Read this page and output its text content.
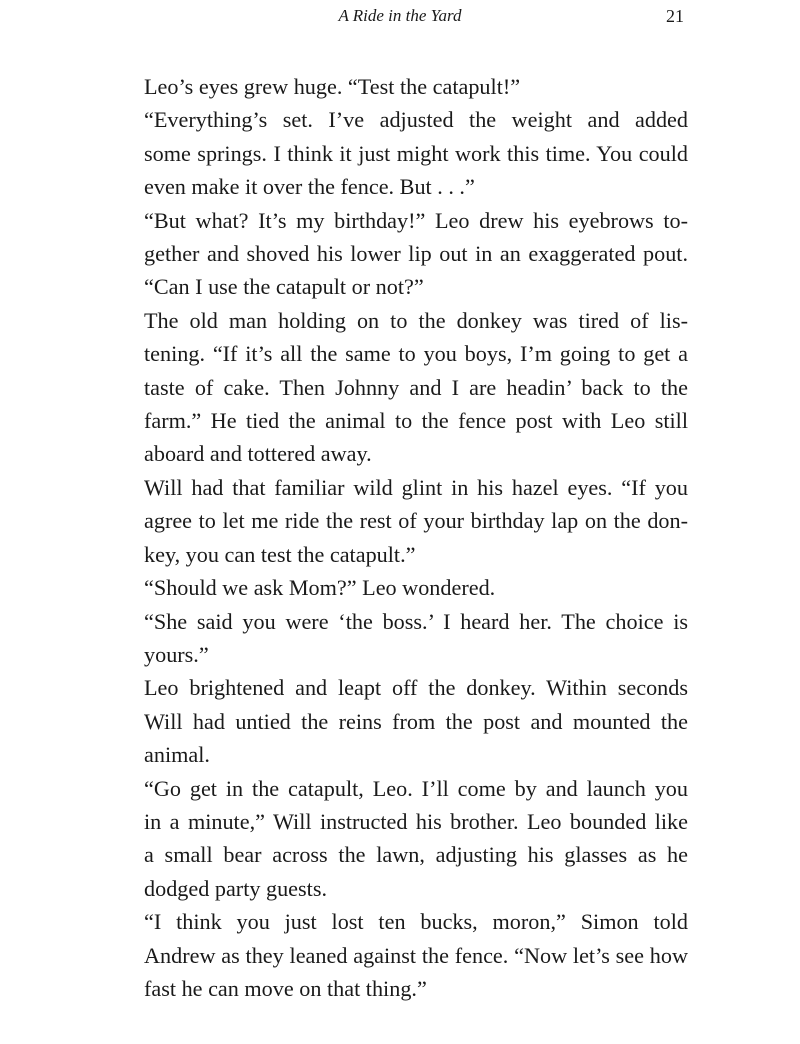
A Ride in the Yard	21

Leo’s eyes grew huge. “Test the catapult!”

“Everything’s set. I’ve adjusted the weight and added
some springs. I think it just might work this time. You could
even make it over the fence. But . . .”

“But what? It’s my birthday!” Leo drew his eyebrows to-
gether and shoved his lower lip out in an exaggerated pout.
“Can I use the catapult or not?”

The old man holding on to the donkey was tired of lis-
tening. “If it’s all the same to you boys, I’m going to get a
taste of cake. Then Johnny and I are headin’ back to the
farm.” He tied the animal to the fence post with Leo still
aboard and tottered away.

Will had that familiar wild glint in his hazel eyes. “If you
agree to let me ride the rest of your birthday lap on the don-
key, you can test the catapult.”

“Should we ask Mom?” Leo wondered.

“She said you were ‘the boss.’ I heard her. The choice is
yours.”

Leo brightened and leapt off the donkey. Within seconds
Will had untied the reins from the post and mounted the
animal.

“Go get in the catapult, Leo. I’ll come by and launch you
in a minute,” Will instructed his brother. Leo bounded like
a small bear across the lawn, adjusting his glasses as he
dodged party guests.

“I think you just lost ten bucks, moron,” Simon told
Andrew as they leaned against the fence. “Now let’s see how
fast he can move on that thing.”
